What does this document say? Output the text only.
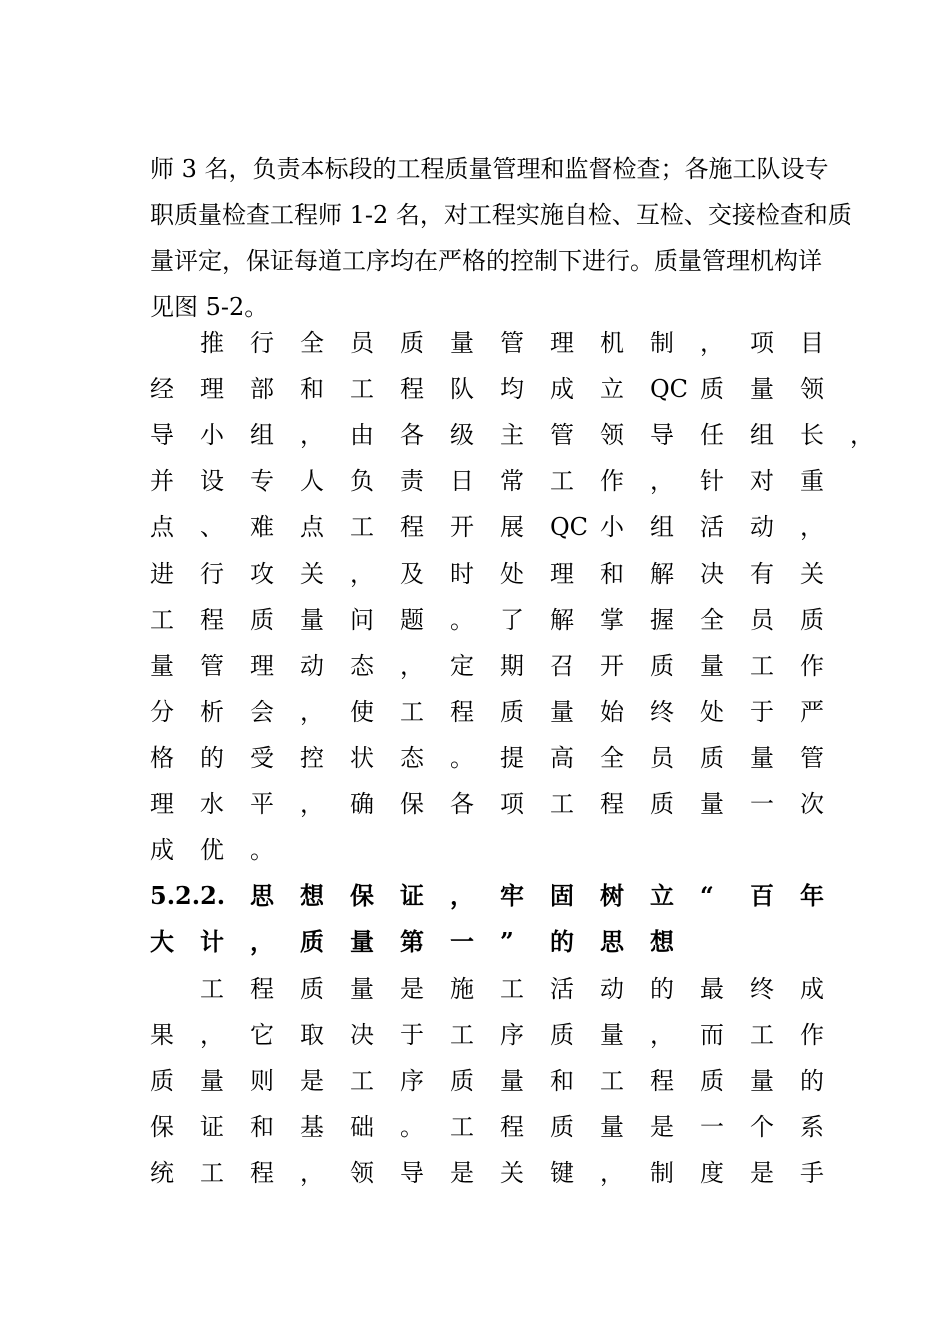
师 3 名，负责本标段的工程质量管理和监督检查；各施工队设专
职质量检查工程师 1-2 名，对工程实施自检、互检、交接检查和质
量评定，保证每道工序均在严格的控制下进行。质量管理机构详
见图 5-2。
推 行 全 员 质 量 管 理 机 制 ， 项 目
经 理 部 和 工 程 队 均 成 立 QC 质 量 领
导 小 组 ， 由 各 级 主 管 领 导 任 组 长 ，
并 设 专 人 负 责 日 常 工 作 ， 针 对 重
点 、 难 点 工 程 开 展 QC 小 组 活 动 ，
进 行 攻 关 ， 及 时 处 理 和 解 决 有 关
工 程 质 量 问 题 。 了 解 掌 握 全 员 质
量 管 理 动 态 ， 定 期 召 开 质 量 工 作
分 析 会 ， 使 工 程 质 量 始 终 处 于 严
格 的 受 控 状 态 。 提 高 全 员 质 量 管
理 水 平 ， 确 保 各 项 工 程 质 量 一 次
成 优 。
5.2.2. 思 想 保 证 ， 牢 固 树 立 “ 百 年
大 计 ， 质 量 第 一 ” 的 思 想
工 程 质 量 是 施 工 活 动 的 最 终 成
果 ， 它 取 决 于 工 序 质 量 ， 而 工 作
质 量 则 是 工 序 质 量 和 工 程 质 量 的
保 证 和 基 础 。 工 程 质 量 是 一 个 系
统 工 程 ， 领 导 是 关 键 ， 制 度 是 手
